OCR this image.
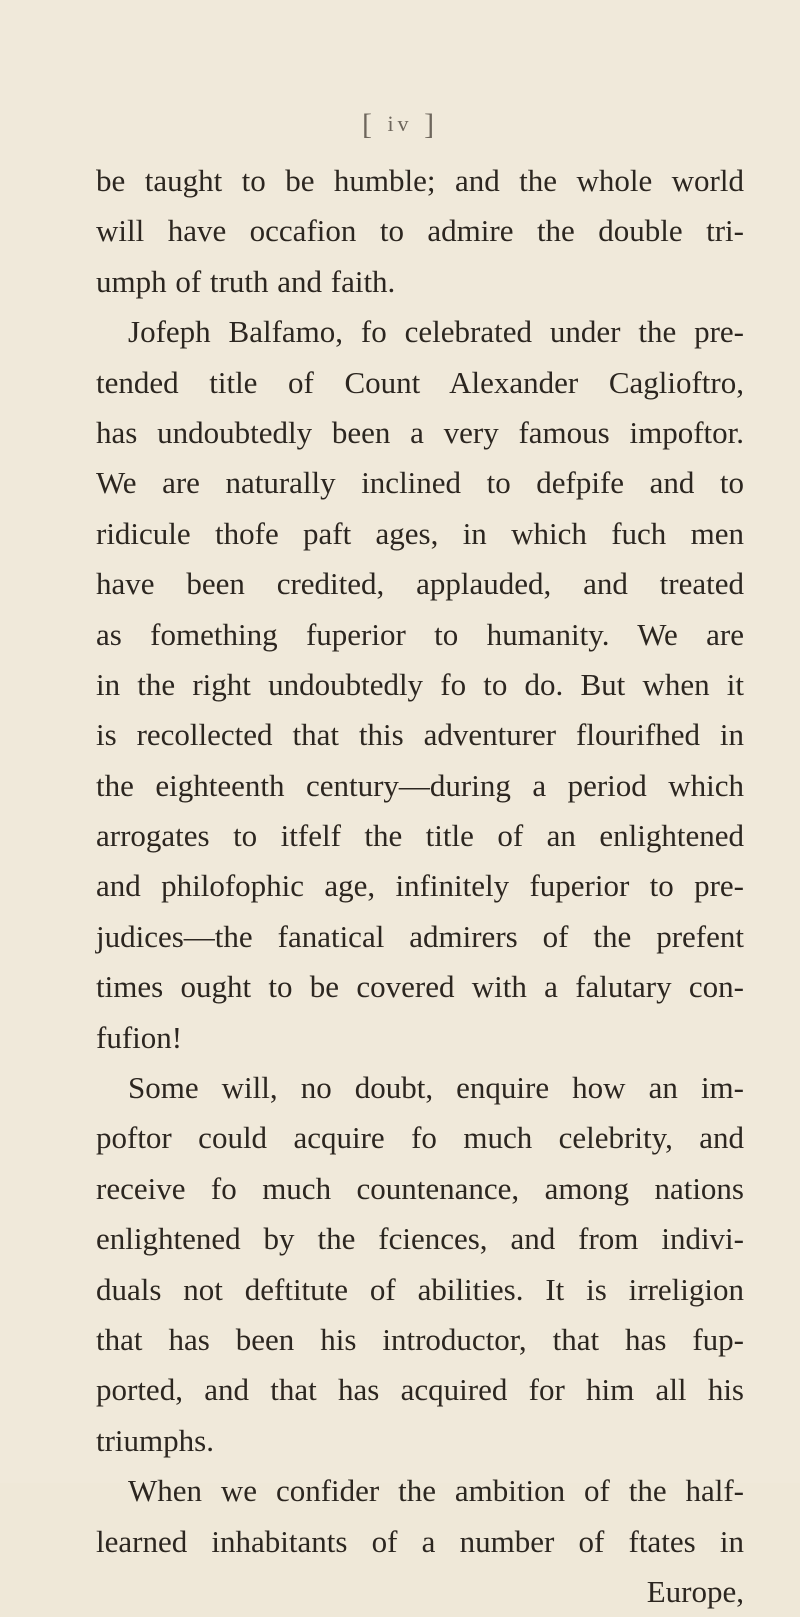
[ iv ]
be taught to be humble; and the whole world
will have occafion to admire the double tri-
umph of truth and faith.
Jofeph Balfamo, fo celebrated under the pre-
tended title of Count Alexander Caglioftro,
has undoubtedly been a very famous impoftor.
We are naturally inclined to defpife and to
ridicule thofe paft ages, in which fuch men
have been credited, applauded, and treated
as fomething fuperior to humanity. We are
in the right undoubtedly fo to do. But when it
is recollected that this adventurer flourifhed in
the eighteenth century—during a period which
arrogates to itfelf the title of an enlightened
and philofophic age, infinitely fuperior to pre-
judices—the fanatical admirers of the prefent
times ought to be covered with a falutary con-
fufion!
Some will, no doubt, enquire how an im-
poftor could acquire fo much celebrity, and
receive fo much countenance, among nations
enlightened by the fciences, and from indivi-
duals not deftitute of abilities. It is irreligion
that has been his introductor, that has fup-
ported, and that has acquired for him all his
triumphs.
When we confider the ambition of the half-
learned inhabitants of a number of ftates in
Europe,
